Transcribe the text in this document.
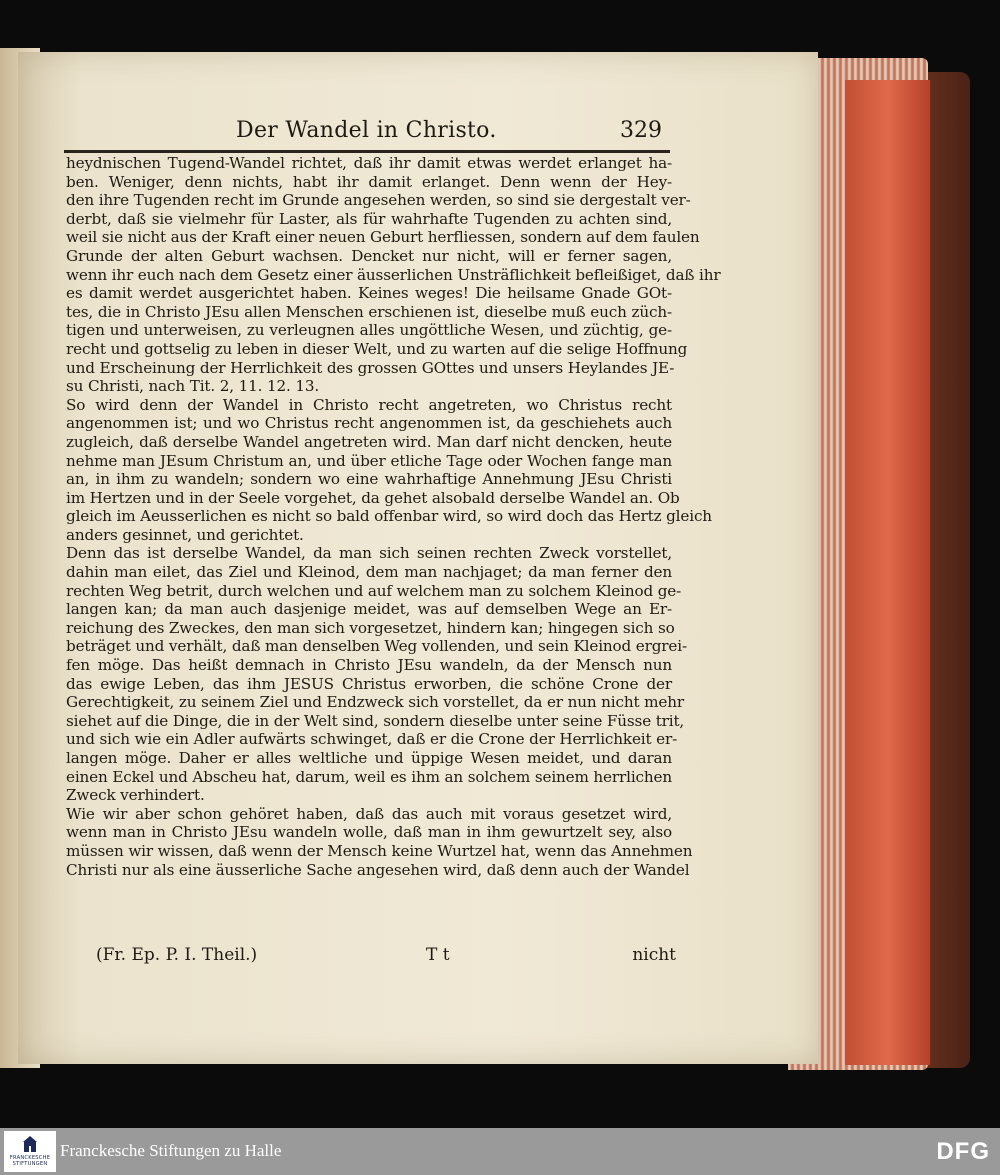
Der Wandel in Christo.	329
heydnischen Tugend-Wandel richtet, daß ihr damit etwas werdet erlanget ha-
ben. Weniger, denn nichts, habt ihr damit erlanget. Denn wenn der Hey-
den ihre Tugenden recht im Grunde angesehen werden, so sind sie dergestalt ver-
derbt, daß sie vielmehr für Laster, als für wahrhafte Tugenden zu achten sind,
weil sie nicht aus der Kraft einer neuen Geburt herfliessen, sondern auf dem faulen
Grunde der alten Geburt wachsen. Dencket nur nicht, will er ferner sagen,
wenn ihr euch nach dem Gesetz einer äusserlichen Unsträflichkeit befleißiget, daß ihr
es damit werdet ausgerichtet haben. Keines weges! Die heilsame Gnade GOt-
tes, die in Christo JEsu allen Menschen erschienen ist, dieselbe muß euch züch-
tigen und unterweisen, zu verleugnen alles ungöttliche Wesen, und züchtig, ge-
recht und gottselig zu leben in dieser Welt, und zu warten auf die selige Hoffnung
und Erscheinung der Herrlichkeit des grossen GOttes und unsers Heylandes JE-
su Christi, nach Tit. 2, 11. 12. 13.
So wird denn der Wandel in Christo recht angetreten, wo Christus recht
angenommen ist; und wo Christus recht angenommen ist, da geschiehets auch
zugleich, daß derselbe Wandel angetreten wird. Man darf nicht dencken, heute
nehme man JEsum Christum an, und über etliche Tage oder Wochen fange man
an, in ihm zu wandeln; sondern wo eine wahrhaftige Annehmung JEsu Christi
im Hertzen und in der Seele vorgehet, da gehet alsobald derselbe Wandel an. Ob
gleich im Aeusserlichen es nicht so bald offenbar wird, so wird doch das Hertz gleich
anders gesinnet, und gerichtet.
Denn das ist derselbe Wandel, da man sich seinen rechten Zweck vorstellet,
dahin man eilet, das Ziel und Kleinod, dem man nachjaget; da man ferner den
rechten Weg betrit, durch welchen und auf welchem man zu solchem Kleinod ge-
langen kan; da man auch dasjenige meidet, was auf demselben Wege an Er-
reichung des Zweckes, den man sich vorgesetzet, hindern kan; hingegen sich so
beträget und verhält, daß man denselben Weg vollenden, und sein Kleinod ergrei-
fen möge. Das heißt demnach in Christo JEsu wandeln, da der Mensch nun
das ewige Leben, das ihm JESUS Christus erworben, die schöne Crone der
Gerechtigkeit, zu seinem Ziel und Endzweck sich vorstellet, da er nun nicht mehr
siehet auf die Dinge, die in der Welt sind, sondern dieselbe unter seine Füsse trit,
und sich wie ein Adler aufwärts schwinget, daß er die Crone der Herrlichkeit er-
langen möge. Daher er alles weltliche und üppige Wesen meidet, und daran
einen Eckel und Abscheu hat, darum, weil es ihm an solchem seinem herrlichen
Zweck verhindert.
Wie wir aber schon gehöret haben, daß das auch mit voraus gesetzet wird,
wenn man in Christo JEsu wandeln wolle, daß man in ihm gewurtzelt sey, also
müssen wir wissen, daß wenn der Mensch keine Wurtzel hat, wenn das Annehmen
Christi nur als eine äusserliche Sache angesehen wird, daß denn auch der Wandel
(Fr. Ep. P. I. Theil.)	T t	nicht
FRANCKESCHE
STIFTUNGEN
Franckesche Stiftungen zu Halle	DFG
